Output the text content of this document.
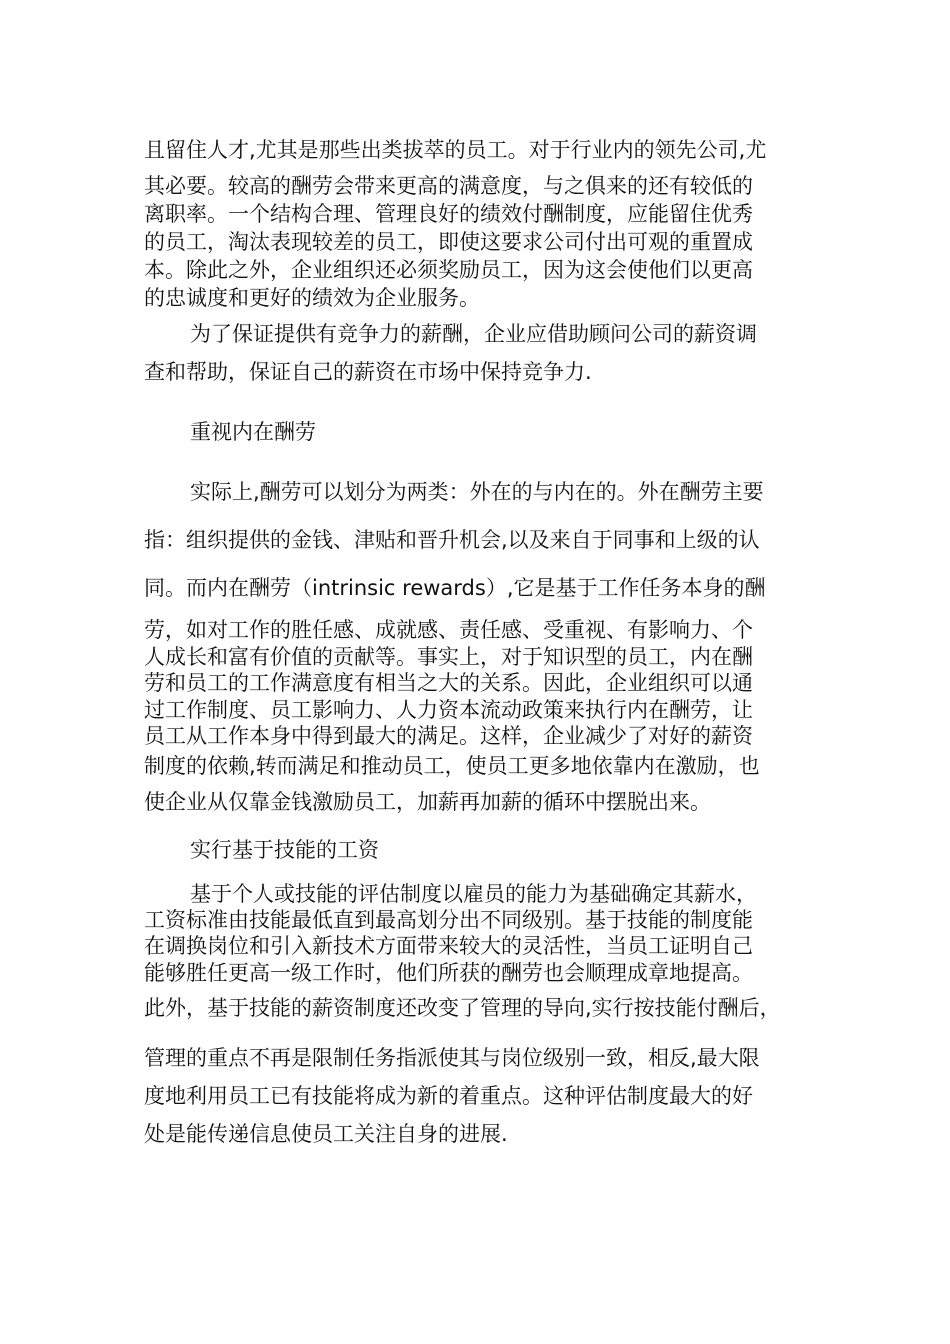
且留住人才,尤其是那些出类拔萃的员工。对于行业内的领先公司,尤
其必要。较高的酬劳会带来更高的满意度，与之俱来的还有较低的
离职率。一个结构合理、管理良好的绩效付酬制度，应能留住优秀
的员工，淘汰表现较差的员工，即使这要求公司付出可观的重置成
本。除此之外，企业组织还必须奖励员工，因为这会使他们以更高
的忠诚度和更好的绩效为企业服务。
为了保证提供有竞争力的薪酬，企业应借助顾问公司的薪资调
查和帮助，保证自己的薪资在市场中保持竞争力.
重视内在酬劳
实际上,酬劳可以划分为两类：外在的与内在的。外在酬劳主要
指：组织提供的金钱、津贴和晋升机会,以及来自于同事和上级的认
同。而内在酬劳（intrinsic rewards）,它是基于工作任务本身的酬
劳，如对工作的胜任感、成就感、责任感、受重视、有影响力、个
人成长和富有价值的贡献等。事实上，对于知识型的员工，内在酬
劳和员工的工作满意度有相当之大的关系。因此，企业组织可以通
过工作制度、员工影响力、人力资本流动政策来执行内在酬劳，让
员工从工作本身中得到最大的满足。这样，企业减少了对好的薪资
制度的依赖,转而满足和推动员工，使员工更多地依靠内在激励，也
使企业从仅靠金钱激励员工，加薪再加薪的循环中摆脱出来。
实行基于技能的工资
基于个人或技能的评估制度以雇员的能力为基础确定其薪水，
工资标准由技能最低直到最高划分出不同级别。基于技能的制度能
在调换岗位和引入新技术方面带来较大的灵活性，当员工证明自己
能够胜任更高一级工作时，他们所获的酬劳也会顺理成章地提高。
此外，基于技能的薪资制度还改变了管理的导向,实行按技能付酬后，
管理的重点不再是限制任务指派使其与岗位级别一致，相反,最大限
度地利用员工已有技能将成为新的着重点。这种评估制度最大的好
处是能传递信息使员工关注自身的进展.
